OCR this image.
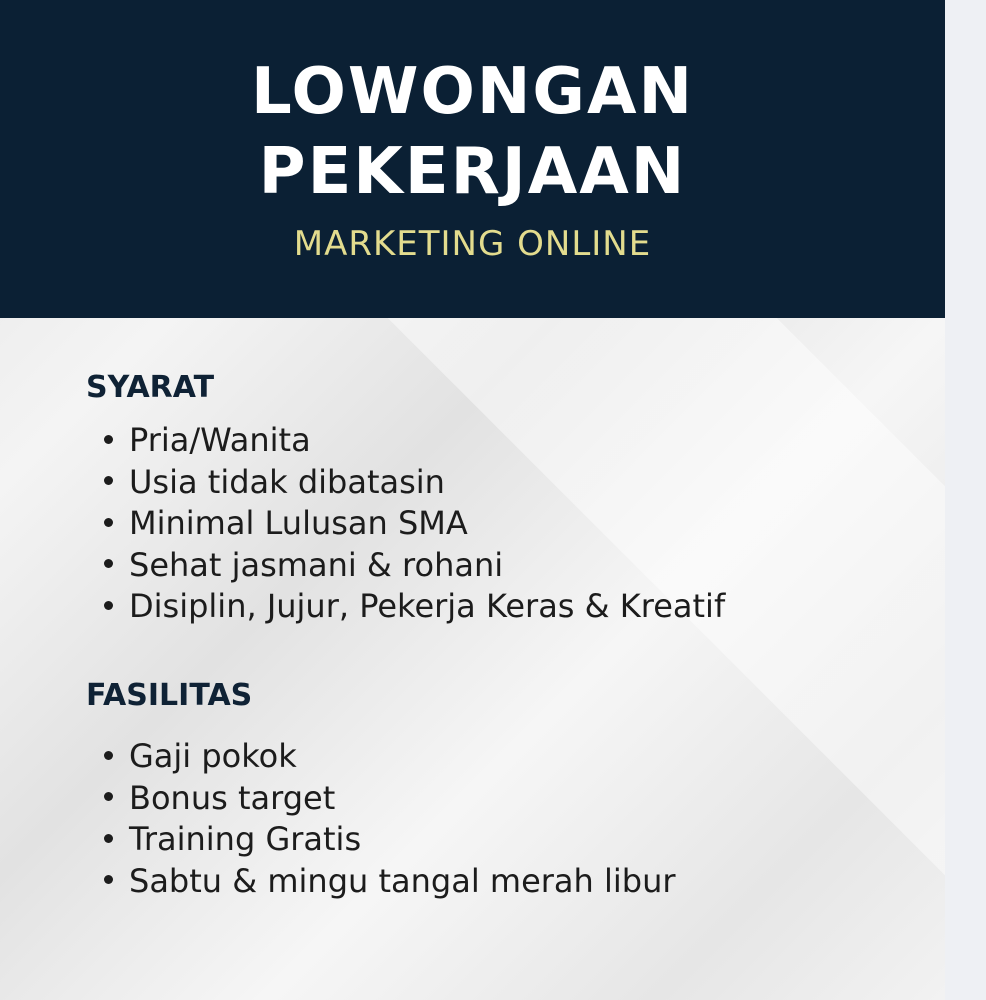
LOWONGAN
PEKERJAAN
MARKETING ONLINE
SYARAT
Pria/Wanita
Usia tidak dibatasin
Minimal Lulusan SMA
Sehat jasmani & rohani
Disiplin, Jujur, Pekerja Keras & Kreatif
FASILITAS
Gaji pokok
Bonus target
Training Gratis
Sabtu & mingu tangal merah libur
